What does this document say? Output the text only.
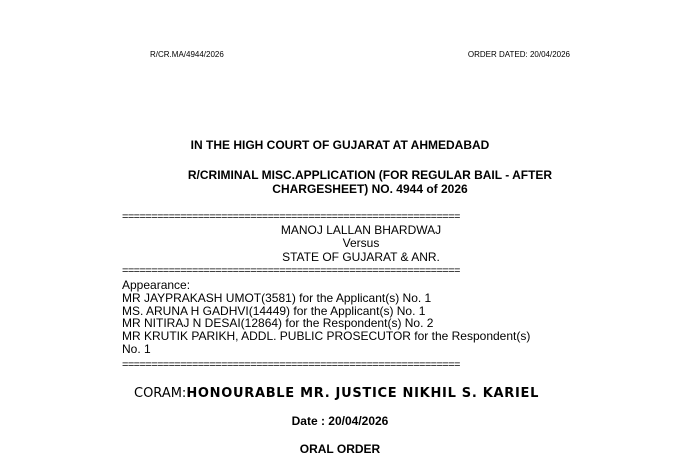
R/CR.MA/4944/2026	ORDER DATED: 20/04/2026
IN THE HIGH COURT OF GUJARAT AT AHMEDABAD
R/CRIMINAL MISC.APPLICATION (FOR REGULAR BAIL - AFTER
CHARGESHEET) NO. 4944 of 2026
==========================================================
MANOJ LALLAN BHARDWAJ
Versus
STATE OF GUJARAT & ANR.
==========================================================
Appearance:
MR JAYPRAKASH UMOT(3581) for the Applicant(s) No. 1
MS. ARUNA H GADHVI(14449) for the Applicant(s) No. 1
MR NITIRAJ N DESAI(12864) for the Respondent(s) No. 2
MR KRUTIK PARIKH, ADDL. PUBLIC PROSECUTOR for the Respondent(s)
No. 1
==========================================================
CORAM:HONOURABLE MR. JUSTICE NIKHIL S. KARIEL
Date : 20/04/2026
ORAL ORDER
